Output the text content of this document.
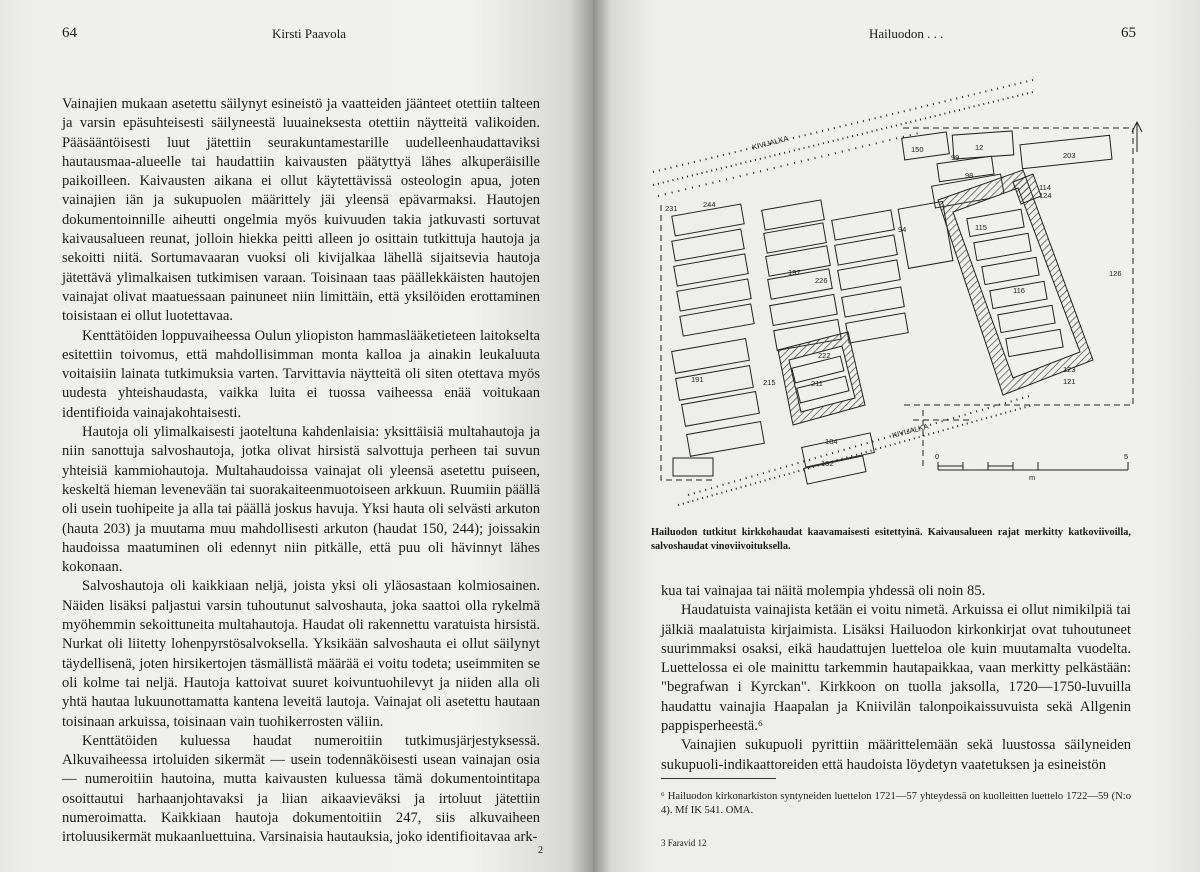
64	Kirsti Paavola

Vainajien mukaan asetettu säilynyt esineistö ja vaatteiden jäänteet otettiin talteen ja varsin epäsuhteisesti säilyneestä luuaineksesta otettiin näytteitä valikoiden. Pääsääntöisesti luut jätettiin seurakuntamestarille uudelleenhaudattaviksi hautausmaa-alueelle tai haudattiin kaivausten päätyttyä lähes alkuperäisille paikoilleen. Kaivausten aikana ei ollut käytettävissä osteologin apua, joten vainajien iän ja sukupuolen määrittely jäi yleensä epävarmaksi. Hautojen dokumentoinnille aiheutti ongelmia myös kuivuuden takia jatkuvasti sortuvat kaivausalueen reunat, jolloin hiekka peitti alleen jo osittain tutkittuja hautoja ja sekoitti niitä. Sortumavaaran vuoksi oli kivijalkaa lähellä sijaitsevia hautoja jätettävä ylimalkaisen tutkimisen varaan. Toisinaan taas päällekkäisten hautojen vainajat olivat maatuessaan painuneet niin limittäin, että yksilöiden erottaminen toisistaan ei ollut luotettavaa.

Kenttätöiden loppuvaiheessa Oulun yliopiston hammaslääketieteen laitokselta esitettiin toivomus, että mahdollisimman monta kalloa ja ainakin leukaluuta voitaisiin lainata tutkimuksia varten. Tarvittavia näytteitä oli siten otettava myös uudesta yhteishaudasta, vaikka luita ei tuossa vaiheessa enää voitukaan identifioida vainajakohtaisesti.

Hautoja oli ylimalkaisesti jaoteltuna kahdenlaisia: yksittäisiä multahautoja ja niin sanottuja salvoshautoja, jotka olivat hirsistä salvottuja perheen tai suvun yhteisiä kammiohautoja. Multahaudoissa vainajat oli yleensä asetettu puiseen, keskeltä hieman levenevään tai suorakaiteenmuotoiseen arkkuun. Ruumiin päällä oli usein tuohipeite ja alla tai päällä joskus havuja. Yksi hauta oli selvästi arkuton (hauta 203) ja muutama muu mahdollisesti arkuton (haudat 150, 244); joissakin haudoissa maatuminen oli edennyt niin pitkälle, että puu oli hävinnyt lähes kokonaan.

Salvoshautoja oli kaikkiaan neljä, joista yksi oli yläosastaan kolmiosainen. Näiden lisäksi paljastui varsin tuhoutunut salvoshauta, joka saattoi olla rykelmä myöhemmin sekoittuneita multahautoja. Haudat oli rakennettu varatuista hirsistä. Nurkat oli liitetty lohenpyrstösalvoksella. Yksikään salvoshauta ei ollut säilynyt täydellisenä, joten hirsikertojen täsmällistä määrää ei voitu todeta; useimmiten se oli kolme tai neljä. Hautoja kattoivat suuret koivuntuohilevyt ja niiden alla oli yhtä hautaa lukuunottamatta kantena leveitä lautoja. Vainajat oli asetettu hautaan toisinaan arkuissa, toisinaan vain tuohikerrosten väliin.

Kenttätöiden kuluessa haudat numeroitiin tutkimusjärjestyksessä. Alkuvaiheessa irtoluiden sikermät — usein todennäköisesti usean vainajan osia — numeroitiin hautoina, mutta kaivausten kuluessa tämä dokumentointitapa osoittautui harhaanjohtavaksi ja liian aikaavieväksi ja irtoluut jätettiin numeroimatta. Kaikkiaan hautoja dokumentoitiin 247, siis alkuvaiheen irtoluusikermät mukaanluettuina. Varsinaisia hautauksia, joko identifioitavaa ark-

2
Hailuodon . . .	65
KIVIJALKA
KIVIJALKA
150	12
203
99
98
114
124
94	115
244
231
197
226
126
116
222
123
121
215	211
191
184
182
0	5
m
Hailuodon tutkitut kirkkohaudat kaavamaisesti esitettyinä. Kaivausalueen rajat merkitty katkoviivoilla, salvoshaudat vinoviivoituksella.

kua tai vainajaa tai näitä molempia yhdessä oli noin 85.

Haudatuista vainajista ketään ei voitu nimetä. Arkuissa ei ollut nimikilpiä tai jälkiä maalatuista kirjaimista. Lisäksi Hailuodon kirkonkirjat ovat tuhoutuneet suurimmaksi osaksi, eikä haudattujen luetteloa ole kuin muutamalta vuodelta. Luettelossa ei ole mainittu tarkemmin hautapaikkaa, vaan merkitty pelkästään: "begrafwan i Kyrckan". Kirkkoon on tuolla jaksolla, 1720—1750-luvuilla haudattu vainajia Haapalan ja Kniivilän talonpoikaissuvuista sekä Allgenin pappisperheestä.⁶

Vainajien sukupuoli pyrittiin määrittelemään sekä luustossa säilyneiden sukupuoli-indikaattoreiden että haudoista löydetyn vaatetuksen ja esineistön

⁶ Hailuodon kirkonarkiston syntyneiden luettelon 1721—57 yhteydessä on kuolleitten luettelo 1722—59 (N:o 4). Mf IK 541. OMA.
3 Faravid 12
